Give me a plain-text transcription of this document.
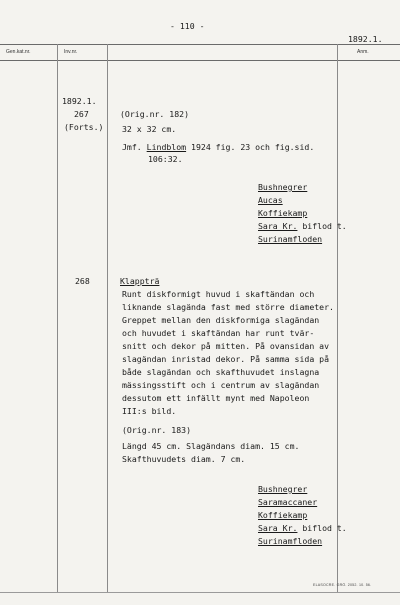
- 110 -
1892.1.
Gen.kat.nr.	Inv.nr.	Anm.
1892.1.
267
(Forts.)
(Orig.nr. 182)
32 x 32 cm.
Jmf. Lindblom 1924 fig. 23 och fig.sid.
106:32.
Bushnegrer
Aucas
Koffiekamp
Sara Kr. biflod t.
Surinamfloden
268	Klappträ
Runt diskformigt huvud i skaftändan och
liknande slagända fast med större diameter.
Greppet mellan den diskformiga slagändan
och huvudet i skaftändan har runt tvär-
snitt och dekor på mitten. På ovansidan av
slagändan inristad dekor. På samma sida på
både slagändan och skafthuvudet inslagna
mässingsstift och i centrum av slagändan
dessutom ett infällt mynt med Napoleon
III:s bild.
(Orig.nr. 183)
Längd 45 cm. Slagändans diam. 15 cm.
Skafthuvudets diam. 7 cm.
Bushnegrer
Saramaccaner
Koffiekamp
Sara Kr. biflod t.
Surinamfloden
ELASOCRE. GRÖ. 2052. 10. 56.
